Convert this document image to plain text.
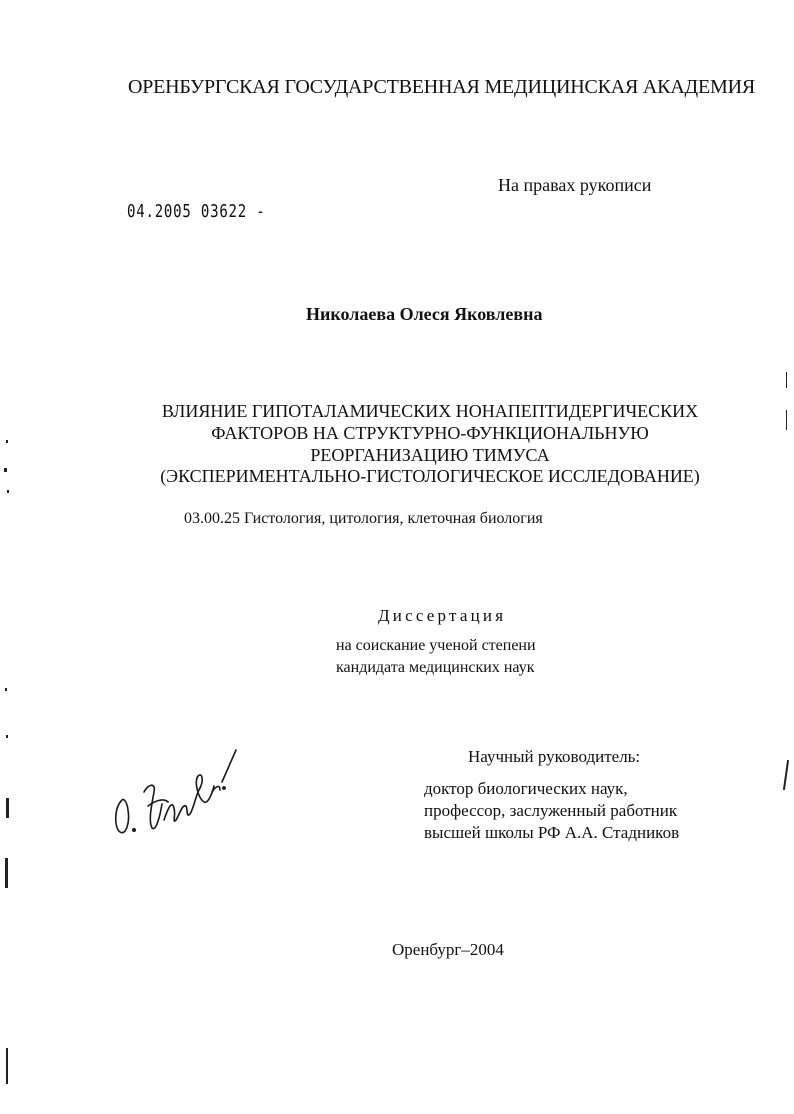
ОРЕНБУРГСКАЯ ГОСУДАРСТВЕННАЯ МЕДИЦИНСКАЯ АКАДЕМИЯ
На правах рукописи
04.2005 03622 -
Николаева Олеся Яковлевна
ВЛИЯНИЕ ГИПОТАЛАМИЧЕСКИХ НОНАПЕПТИДЕРГИЧЕСКИХ
ФАКТОРОВ НА СТРУКТУРНО-ФУНКЦИОНАЛЬНУЮ
РЕОРГАНИЗАЦИЮ ТИМУСА
(ЭКСПЕРИМЕНТАЛЬНО-ГИСТОЛОГИЧЕСКОЕ ИССЛЕДОВАНИЕ)
03.00.25 Гистология, цитология, клеточная биология
Диссертация
на соискание ученой степени
кандидата медицинских наук
Научный руководитель:
доктор биологических наук,
профессор, заслуженный работник
высшей школы РФ А.А. Стадников
Оренбург–2004
